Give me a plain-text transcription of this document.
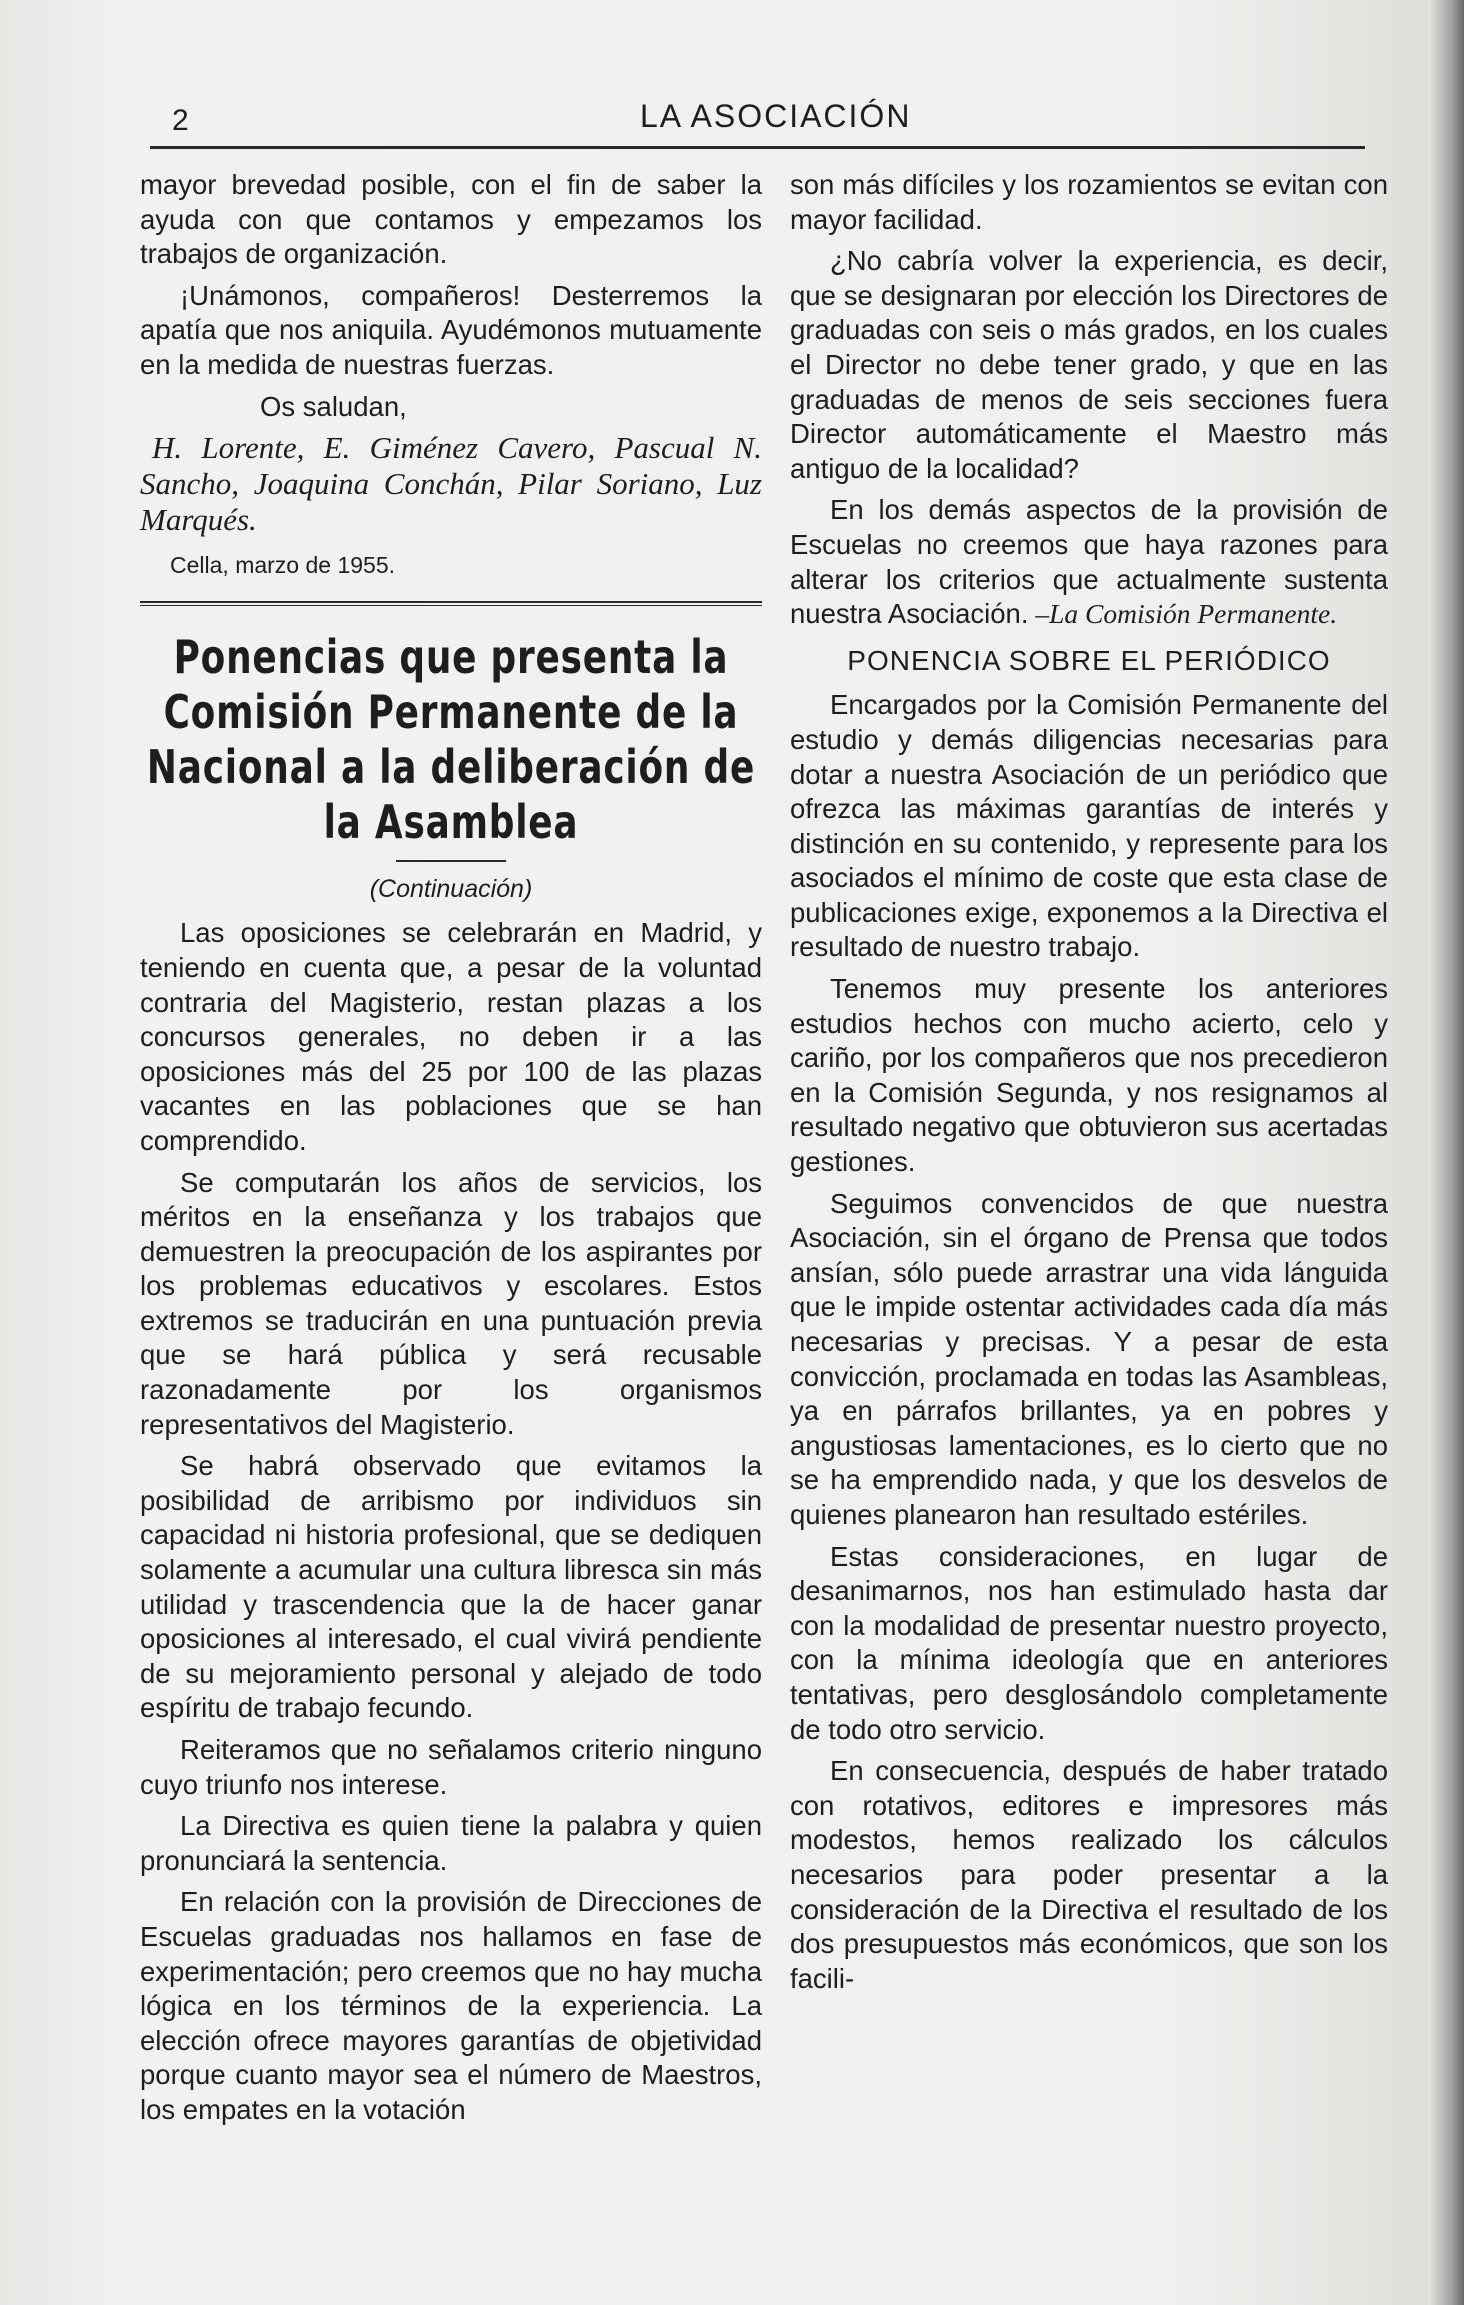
2	LA ASOCIACIÓN

mayor brevedad posible, con el fin de saber la ayuda con que contamos y empezamos los trabajos de organización.

¡Unámonos, compañeros! Desterremos la apatía que nos aniquila. Ayudémonos mutuamente en la medida de nuestras fuerzas.

Os saludan,

H. Lorente, E. Giménez Cavero, Pascual N. Sancho, Joaquina Conchán, Pilar Soriano, Luz Marqués.

Cella, marzo de 1955.

Ponencias que presenta la Comisión Permanente de la Nacional a la deliberación de la Asamblea
(Continuación)

Las oposiciones se celebrarán en Madrid, y teniendo en cuenta que, a pesar de la voluntad contraria del Magisterio, restan plazas a los concursos generales, no deben ir a las oposiciones más del 25 por 100 de las plazas vacantes en las poblaciones que se han comprendido.

Se computarán los años de servicios, los méritos en la enseñanza y los trabajos que demuestren la preocupación de los aspirantes por los problemas educativos y escolares. Estos extremos se traducirán en una puntuación previa que se hará pública y será recusable razonadamente por los organismos representativos del Magisterio.

Se habrá observado que evitamos la posibilidad de arribismo por individuos sin capacidad ni historia profesional, que se dediquen solamente a acumular una cultura libresca sin más utilidad y trascendencia que la de hacer ganar oposiciones al interesado, el cual vivirá pendiente de su mejoramiento personal y alejado de todo espíritu de trabajo fecundo.

Reiteramos que no señalamos criterio ninguno cuyo triunfo nos interese.

La Directiva es quien tiene la palabra y quien pronunciará la sentencia.

En relación con la provisión de Direcciones de Escuelas graduadas nos hallamos en fase de experimentación; pero creemos que no hay mucha lógica en los términos de la experiencia. La elección ofrece mayores garantías de objetividad porque cuanto mayor sea el número de Maestros, los empates en la votación

son más difíciles y los rozamientos se evitan con mayor facilidad.

¿No cabría volver la experiencia, es decir, que se designaran por elección los Directores de graduadas con seis o más grados, en los cuales el Director no debe tener grado, y que en las graduadas de menos de seis secciones fuera Director automáticamente el Maestro más antiguo de la localidad?

En los demás aspectos de la provisión de Escuelas no creemos que haya razones para alterar los criterios que actualmente sustenta nuestra Asociación. –La Comisión Permanente.

PONENCIA SOBRE EL PERIÓDICO

Encargados por la Comisión Permanente del estudio y demás diligencias necesarias para dotar a nuestra Asociación de un periódico que ofrezca las máximas garantías de interés y distinción en su contenido, y represente para los asociados el mínimo de coste que esta clase de publicaciones exige, exponemos a la Directiva el resultado de nuestro trabajo.

Tenemos muy presente los anteriores estudios hechos con mucho acierto, celo y cariño, por los compañeros que nos precedieron en la Comisión Segunda, y nos resignamos al resultado negativo que obtuvieron sus acertadas gestiones.

Seguimos convencidos de que nuestra Asociación, sin el órgano de Prensa que todos ansían, sólo puede arrastrar una vida lánguida que le impide ostentar actividades cada día más necesarias y precisas. Y a pesar de esta convicción, proclamada en todas las Asambleas, ya en párrafos brillantes, ya en pobres y angustiosas lamentaciones, es lo cierto que no se ha emprendido nada, y que los desvelos de quienes planearon han resultado estériles.

Estas consideraciones, en lugar de desanimarnos, nos han estimulado hasta dar con la modalidad de presentar nuestro proyecto, con la mínima ideología que en anteriores tentativas, pero desglosándolo completamente de todo otro servicio.

En consecuencia, después de haber tratado con rotativos, editores e impresores más modestos, hemos realizado los cálculos necesarios para poder presentar a la consideración de la Directiva el resultado de los dos presupuestos más económicos, que son los facili-
